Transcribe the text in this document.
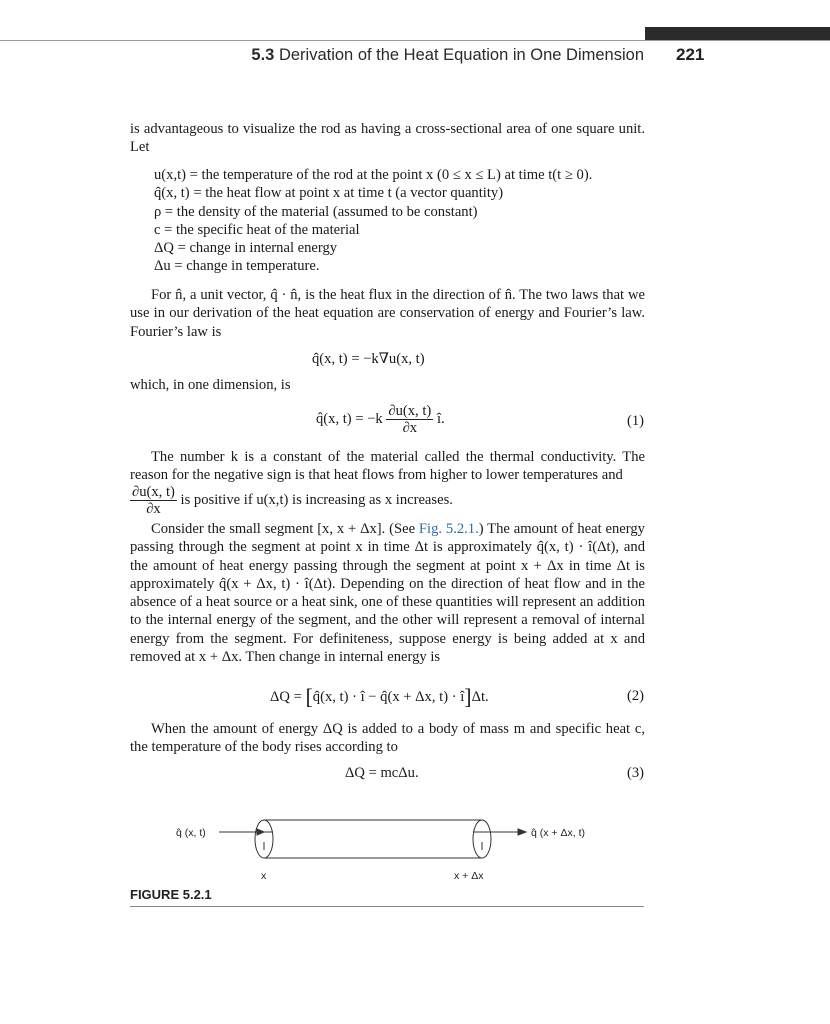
5.3 Derivation of the Heat Equation in One Dimension 221

is advantageous to visualize the rod as having a cross-sectional area of one square unit. Let

u(x,t) = the temperature of the rod at the point x (0 ≤ x ≤ L) at time t(t ≥ 0).
q̂(x, t) = the heat flow at point x at time t (a vector quantity)
ρ = the density of the material (assumed to be constant)
c = the specific heat of the material
ΔQ = change in internal energy
Δu = change in temperature.

For n̂, a unit vector, q̂ · n̂, is the heat flux in the direction of n̂. The two laws that we use in our derivation of the heat equation are conservation of energy and Fourier’s law. Fourier’s law is

q̂(x, t) = −k∇u(x, t)

which, in one dimension, is

q̂(x, $t) = -k \frac{\partial u(x, t)}{\partial x}$ î.	(1)

The number k is a constant of the material called the thermal conductivity. The reason for the negative sign is that heat flows from higher to lower temperatures and

$\frac{\partial u(x, t)}{\partial x}$ is positive if u(x,t) is increasing as x increases.

Consider the small segment [x, x + Δx]. (See Fig. 5.2.1.) The amount of heat energy passing through the segment at point x in time Δt is approximately q̂(x, t) · î(Δt), and the amount of heat energy passing through the segment at point x + Δx in time Δt is approximately q̂(x + Δx, t) · î(Δt). Depending on the direction of heat flow and in the absence of a heat source or a heat sink, one of these quantities will represent an addition to the internal energy of the segment, and the other will represent a removal of internal energy from the segment. For definiteness, suppose energy is being added at x and removed at x + Δx. Then change in internal energy is

ΔQ = [q̂(x, t) · î − q̂(x + Δx, t) · î]Δt.	(2)

When the amount of energy ΔQ is added to a body of mass m and specific heat c, the temperature of the body rises according to

ΔQ = mcΔu.	(3)
q̂ (x, t)	q̂ (x + Δx, t)
x	x + Δx
FIGURE 5.2.1
